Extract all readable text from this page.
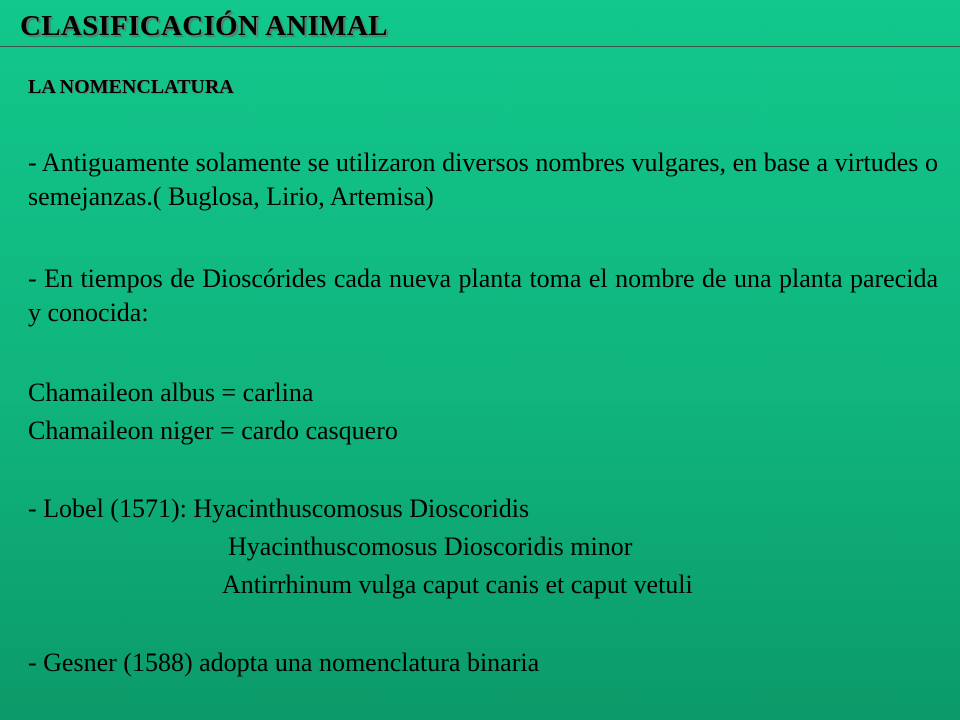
CLASIFICACIÓN ANIMAL
LA NOMENCLATURA
- Antiguamente solamente se utilizaron diversos nombres vulgares, en base a virtudes o semejanzas.( Buglosa, Lirio, Artemisa)
- En tiempos de Dioscórides cada nueva planta toma el nombre de una planta parecida y conocida:
Chamaileon albus = carlina
Chamaileon niger = cardo casquero
- Lobel (1571): Hyacinthuscomosus Dioscoridis
Hyacinthuscomosus Dioscoridis minor
Antirrhinum vulga caput canis et caput vetuli
- Gesner (1588) adopta una nomenclatura binaria
